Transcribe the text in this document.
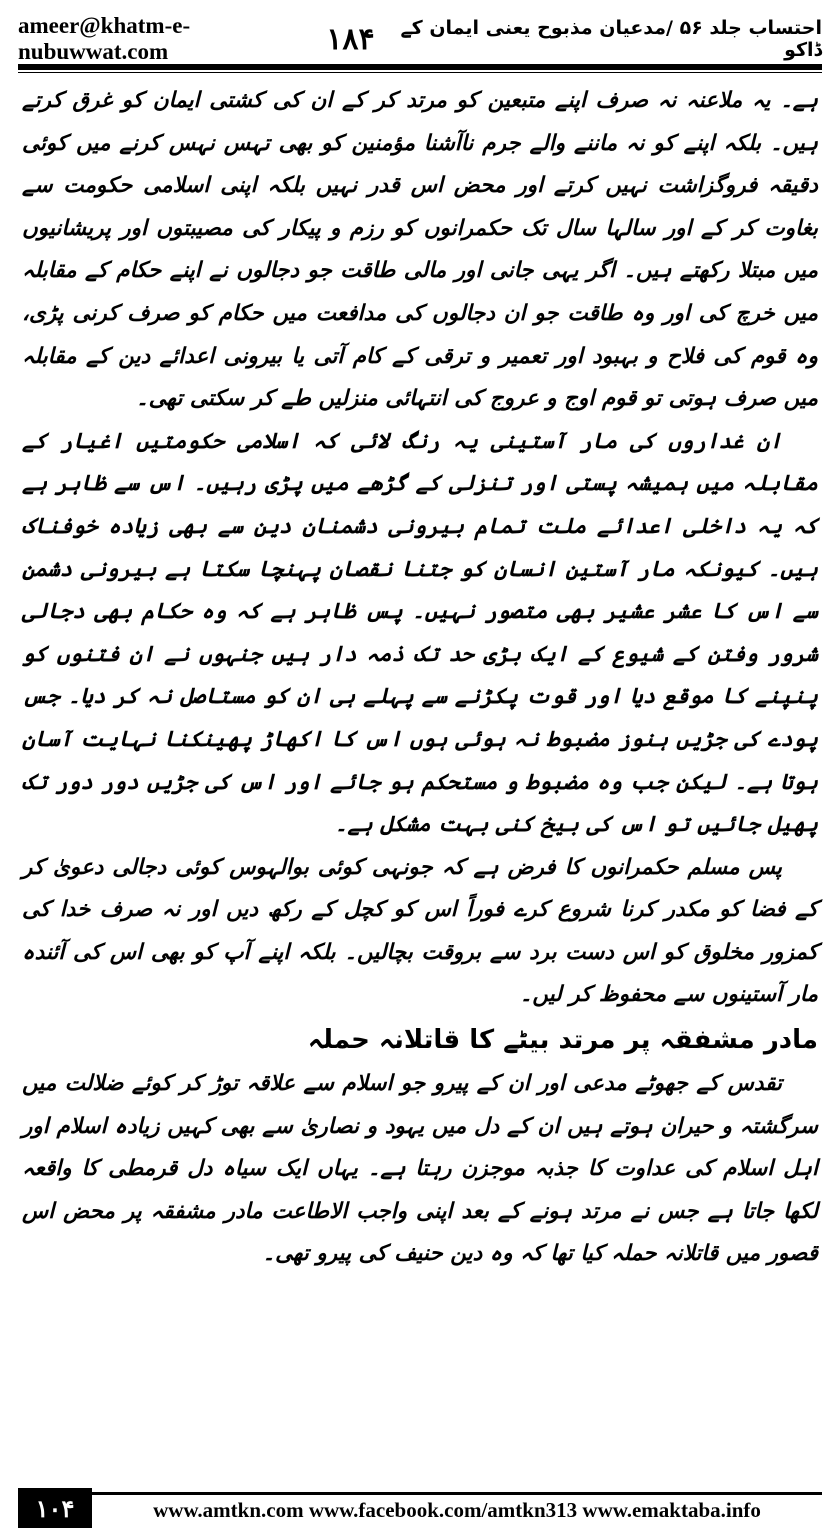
ameer@khatm-e-nubuwwat.com	۱۸۴	احتساب جلد ۵۶ /مدعیان مذبوح یعنی ایمان کے ڈاکو

ہے۔ یہ ملاعنہ نہ صرف اپنے متبعین کو مرتد کر کے ان کی کشتی ایمان کو غرق کرتے ہیں۔ بلکہ اپنے کو نہ ماننے والے جرم ناآشنا مؤمنین کو بھی تہس نہس کرنے میں کوئی دقیقہ فروگزاشت نہیں کرتے اور محض اس قدر نہیں بلکہ اپنی اسلامی حکومت سے بغاوت کر کے اور سالہا سال تک حکمرانوں کو رزم و پیکار کی مصیبتوں اور پریشانیوں میں مبتلا رکھتے ہیں۔ اگر یہی جانی اور مالی طاقت جو دجالوں نے اپنے حکام کے مقابلہ میں خرچ کی اور وہ طاقت جو ان دجالوں کی مدافعت میں حکام کو صرف کرنی پڑی، وہ قوم کی فلاح و بہبود اور تعمیر و ترقی کے کام آتی یا بیرونی اعدائے دین کے مقابلہ میں صرف ہوتی تو قوم اوج و عروج کی انتہائی منزلیں طے کر سکتی تھی۔

ان غداروں کی مار آستینی یہ رنگ لائی کہ اسلامی حکومتیں اغیار کے مقابلہ میں ہمیشہ پستی اور تنزلی کے گڑھے میں پڑی رہیں۔ اس سے ظاہر ہے کہ یہ داخلی اعدائے ملت تمام بیرونی دشمنان دین سے بھی زیادہ خوفناک ہیں۔ کیونکہ مار آستین انسان کو جتنا نقصان پہنچا سکتا ہے بیرونی دشمن سے اس کا عشر عشیر بھی متصور نہیں۔ پس ظاہر ہے کہ وہ حکام بھی دجالی شرور وفتن کے شیوع کے ایک بڑی حد تک ذمہ دار ہیں جنہوں نے ان فتنوں کو پنپنے کا موقع دیا اور قوت پکڑنے سے پہلے ہی ان کو مستاصل نہ کر دیا۔ جس پودے کی جڑیں ہنوز مضبوط نہ ہوئی ہوں اس کا اکھاڑ پھینکنا نہایت آسان ہوتا ہے۔ لیکن جب وہ مضبوط و مستحکم ہو جائے اور اس کی جڑیں دور دور تک پھیل جائیں تو اس کی بیخ کنی بہت مشکل ہے۔

پس مسلم حکمرانوں کا فرض ہے کہ جونہی کوئی بوالہوس کوئی دجالی دعویٰ کر کے فضا کو مکدر کرنا شروع کرے فوراً اس کو کچل کے رکھ دیں اور نہ صرف خدا کی کمزور مخلوق کو اس دست برد سے بروقت بچالیں۔ بلکہ اپنے آپ کو بھی اس کی آئندہ مار آستینوں سے محفوظ کر لیں۔

مادر مشفقہ پر مرتد بیٹے کا قاتلانہ حملہ

تقدس کے جھوٹے مدعی اور ان کے پیرو جو اسلام سے علاقہ توڑ کر کوئے ضلالت میں سرگشتہ و حیران ہوتے ہیں ان کے دل میں یہود و نصاریٰ سے بھی کہیں زیادہ اسلام اور اہل اسلام کی عداوت کا جذبہ موجزن رہتا ہے۔ یہاں ایک سیاہ دل قرمطی کا واقعہ لکھا جاتا ہے جس نے مرتد ہونے کے بعد اپنی واجب الاطاعت مادر مشفقہ پر محض اس قصور میں قاتلانہ حملہ کیا تھا کہ وہ دین حنیف کی پیرو تھی۔

۱۰۴	www.amtkn.com www.facebook.com/amtkn313 www.emaktaba.info
